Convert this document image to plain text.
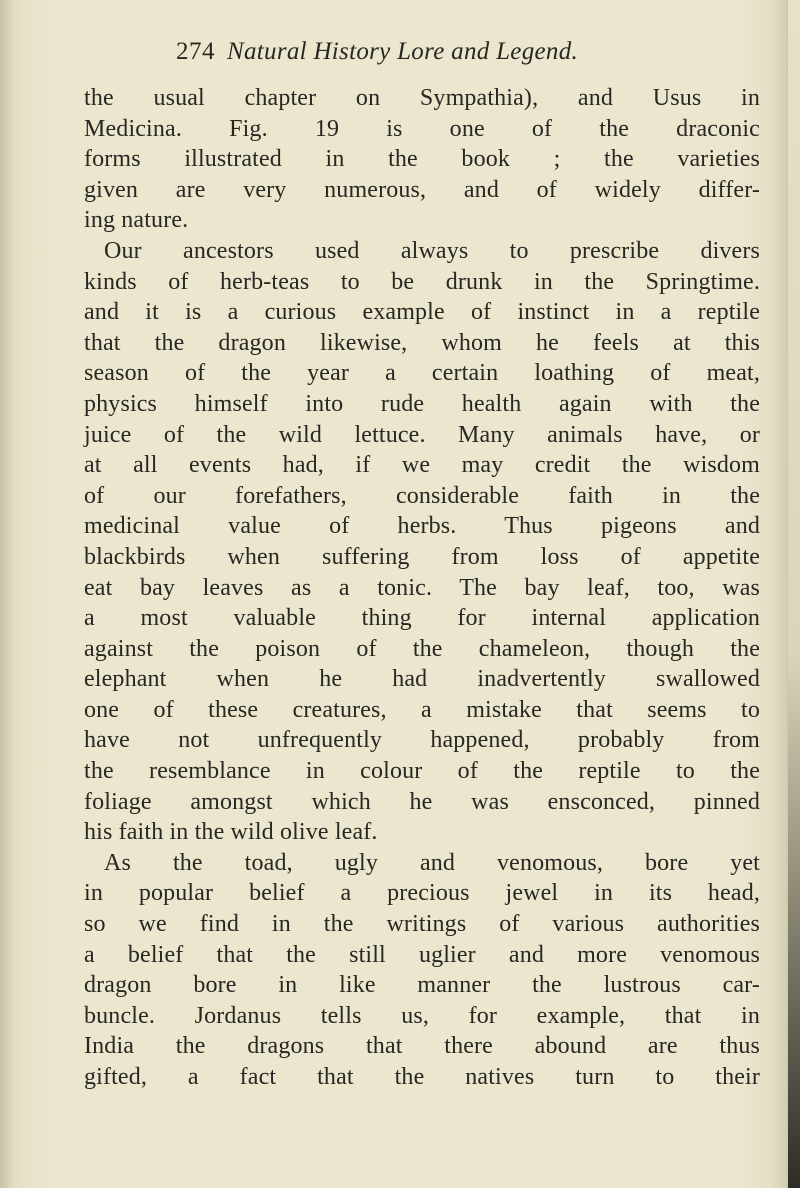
274 Natural History Lore and Legend.
the usual chapter on Sympathia), and Usus in
Medicina. Fig. 19 is one of the draconic
forms illustrated in the book ; the varieties
given are very numerous, and of widely differ-
ing nature.
Our ancestors used always to prescribe divers
kinds of herb-teas to be drunk in the Springtime.
and it is a curious example of instinct in a reptile
that the dragon likewise, whom he feels at this
season of the year a certain loathing of meat,
physics himself into rude health again with the
juice of the wild lettuce. Many animals have, or
at all events had, if we may credit the wisdom
of our forefathers, considerable faith in the
medicinal value of herbs. Thus pigeons and
blackbirds when suffering from loss of appetite
eat bay leaves as a tonic. The bay leaf, too, was
a most valuable thing for internal application
against the poison of the chameleon, though the
elephant when he had inadvertently swallowed
one of these creatures, a mistake that seems to
have not unfrequently happened, probably from
the resemblance in colour of the reptile to the
foliage amongst which he was ensconced, pinned
his faith in the wild olive leaf.
As the toad, ugly and venomous, bore yet
in popular belief a precious jewel in its head,
so we find in the writings of various authorities
a belief that the still uglier and more venomous
dragon bore in like manner the lustrous car-
buncle. Jordanus tells us, for example, that in
India the dragons that there abound are thus
gifted, a fact that the natives turn to their
